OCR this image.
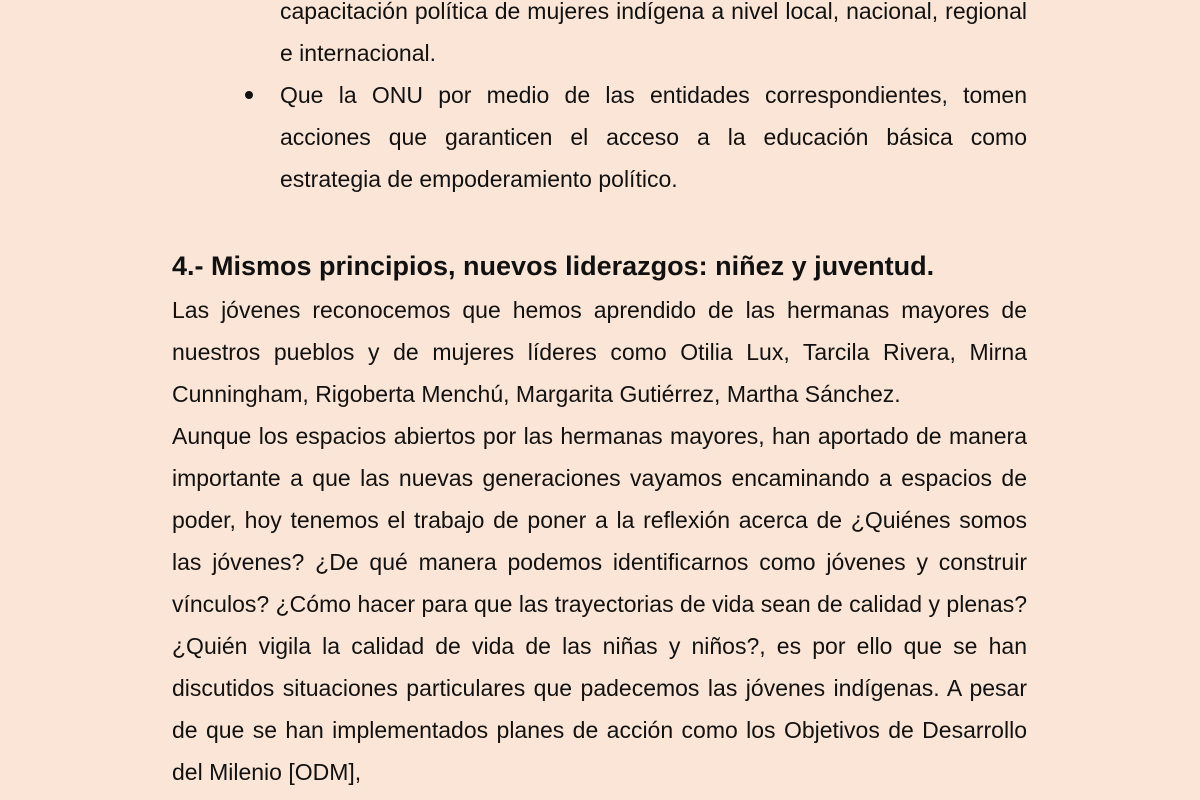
capacitación política de mujeres indígena a nivel local, nacional, regional e internacional.
Que la ONU por medio de las entidades correspondientes, tomen acciones que garanticen el acceso a la educación básica como estrategia de empoderamiento político.
4.- Mismos principios, nuevos liderazgos: niñez y juventud.

Las jóvenes reconocemos que hemos aprendido de las hermanas mayores de nuestros pueblos y de mujeres líderes como Otilia Lux, Tarcila Rivera, Mirna Cunningham, Rigoberta Menchú, Margarita Gutiérrez, Martha Sánchez.

Aunque los espacios abiertos por las hermanas mayores, han aportado de manera importante a que las nuevas generaciones vayamos encaminando a espacios de poder, hoy tenemos el trabajo de poner a la reflexión acerca de ¿Quiénes somos las jóvenes? ¿De qué manera podemos identificarnos como jóvenes y construir vínculos? ¿Cómo hacer para que las trayectorias de vida sean de calidad y plenas? ¿Quién vigila la calidad de vida de las niñas y niños?, es por ello que se han discutidos situaciones particulares que padecemos las jóvenes indígenas. A pesar de que se han implementados planes de acción como los Objetivos de Desarrollo del Milenio [ODM],
